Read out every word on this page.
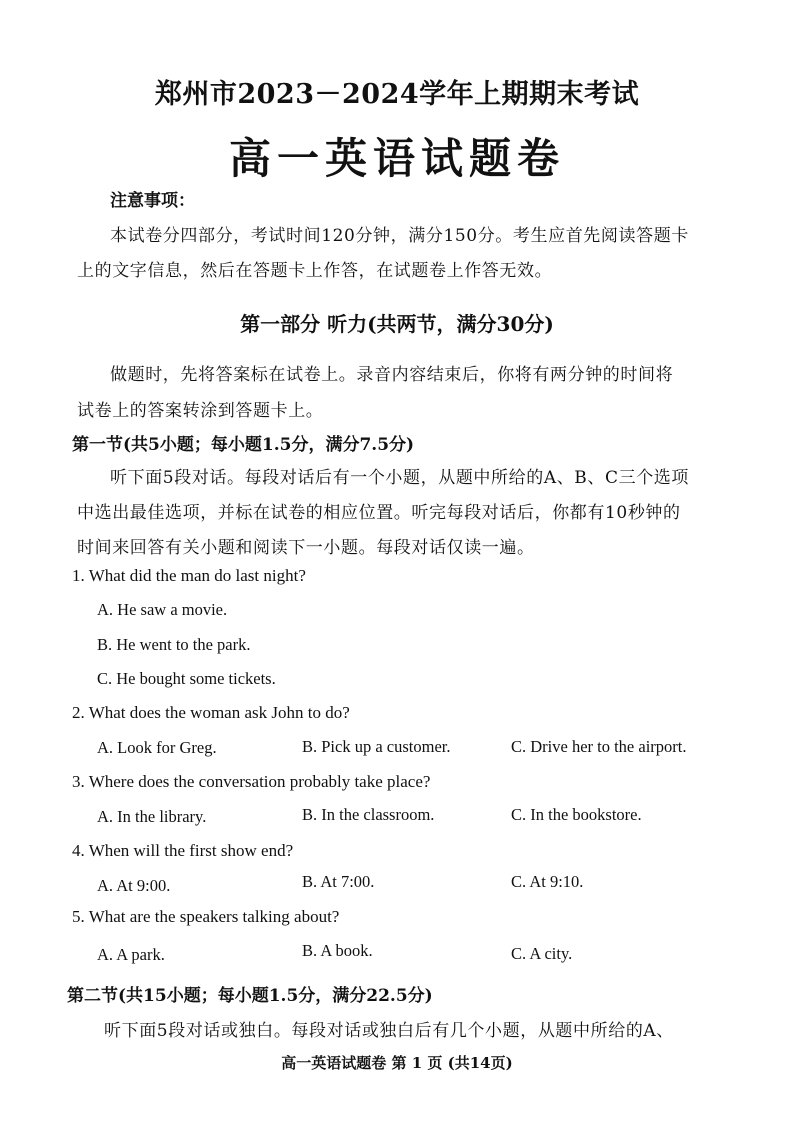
郑州市2023－2024学年上期期末考试
高一英语试题卷
注意事项：
本试卷分四部分，考试时间120分钟，满分150分。考生应首先阅读答题卡
上的文字信息，然后在答题卡上作答，在试题卷上作答无效。
第一部分 听力(共两节，满分30分)
做题时，先将答案标在试卷上。录音内容结束后，你将有两分钟的时间将
试卷上的答案转涂到答题卡上。
第一节(共5小题；每小题1.5分，满分7.5分)
听下面5段对话。每段对话后有一个小题，从题中所给的A、B、C三个选项
中选出最佳选项，并标在试卷的相应位置。听完每段对话后，你都有10秒钟的
时间来回答有关小题和阅读下一小题。每段对话仅读一遍。
1. What did the man do last night?
A. He saw a movie.
B. He went to the park.
C. He bought some tickets.
2. What does the woman ask John to do?
A. Look for Greg.	B. Pick up a customer.	C. Drive her to the airport.
3. Where does the conversation probably take place?
A. In the library.	B. In the classroom.	C. In the bookstore.
4. When will the first show end?
A. At 9:00.	B. At 7:00.	C. At 9:10.
5. What are the speakers talking about?
A. A park.	B. A book.	C. A city.
第二节(共15小题；每小题1.5分，满分22.5分)
听下面5段对话或独白。每段对话或独白后有几个小题，从题中所给的A、
高一英语试题卷 第 1 页 (共14页)
